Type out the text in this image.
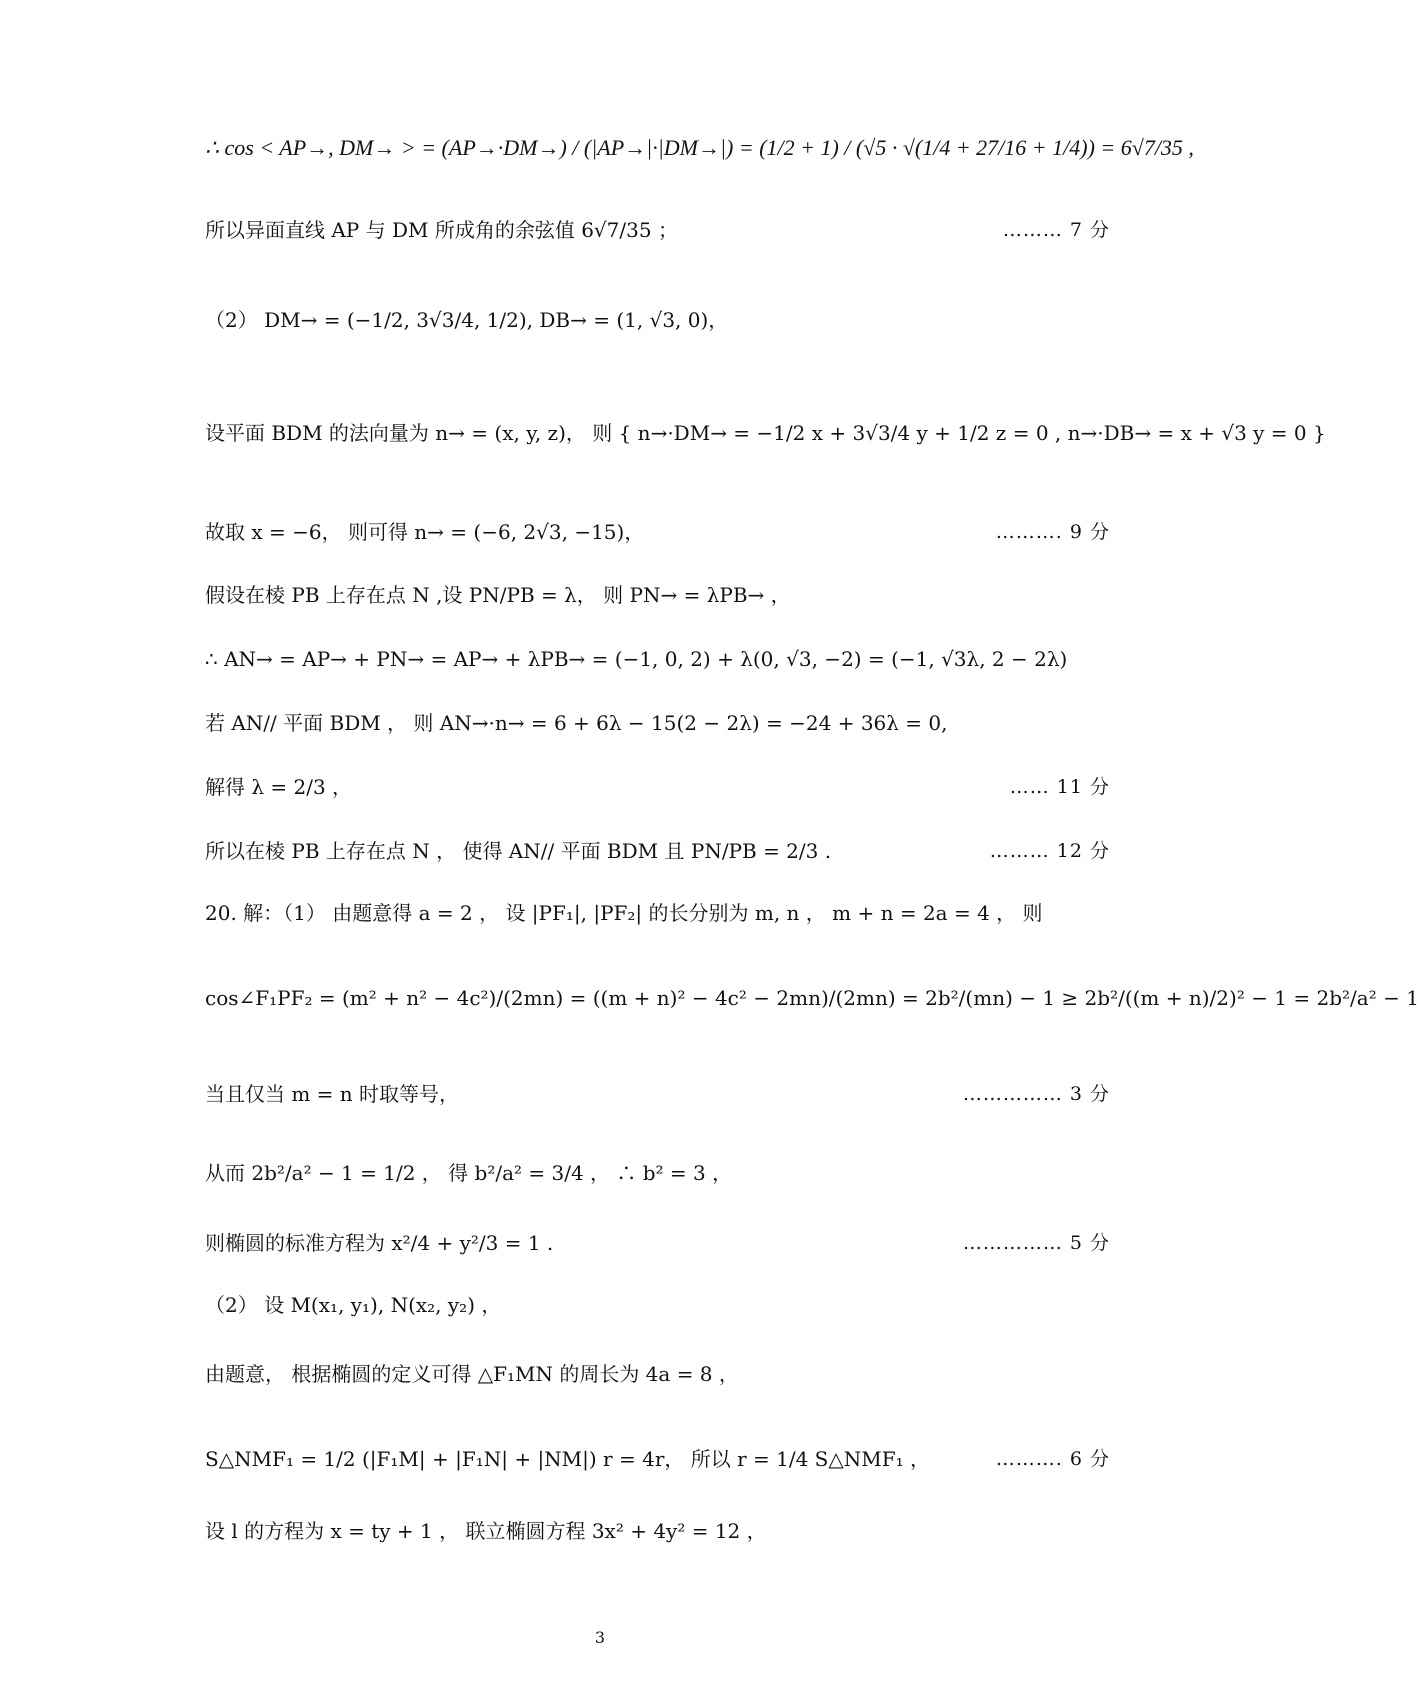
∴ cos < AP→, DM→ > = (AP→·DM→) / (|AP→|·|DM→|) = (1/2 + 1) / (√5 · √(1/4 + 27/16 + 1/4)) = 6√7/35 ,
所以异面直线 AP 与 DM 所成角的余弦值 6√7/35 ；	……… 7 分
（2） DM→ = (−1/2, 3√3/4, 1/2), DB→ = (1, √3, 0)，
设平面 BDM 的法向量为 n→ = (x, y, z)， 则 { n→·DM→ = −1/2 x + 3√3/4 y + 1/2 z = 0 , n→·DB→ = x + √3 y = 0 }
故取 x = −6， 则可得 n→ = (−6, 2√3, −15)，	………. 9 分
假设在棱 PB 上存在点 N ,设 PN/PB = λ， 则 PN→ = λPB→ ，
∴ AN→ = AP→ + PN→ = AP→ + λPB→ = (−1, 0, 2) + λ(0, √3, −2) = (−1, √3λ, 2 − 2λ)
若 AN// 平面 BDM ， 则 AN→·n→ = 6 + 6λ − 15(2 − 2λ) = −24 + 36λ = 0,
解得 λ = 2/3 ，	…… 11 分
所以在棱 PB 上存在点 N ， 使得 AN// 平面 BDM 且 PN/PB = 2/3 .	……… 12 分
20. 解：（1） 由题意得 a = 2 ， 设 |PF₁|, |PF₂| 的长分别为 m, n ， m + n = 2a = 4 ， 则
cos∠F₁PF₂ = (m² + n² − 4c²)/(2mn) = ((m + n)² − 4c² − 2mn)/(2mn) = 2b²/(mn) − 1 ≥ 2b²/((m + n)/2)² − 1 = 2b²/a² − 1
当且仅当 m = n 时取等号，	…………… 3 分
从而 2b²/a² − 1 = 1/2 ， 得 b²/a² = 3/4 ， ∴ b² = 3 ，
则椭圆的标准方程为 x²/4 + y²/3 = 1 .	…………… 5 分
（2） 设 M(x₁, y₁), N(x₂, y₂) ，
由题意， 根据椭圆的定义可得 △F₁MN 的周长为 4a = 8 ，
S△NMF₁ = 1/2 (|F₁M| + |F₁N| + |NM|) r = 4r， 所以 r = 1/4 S△NMF₁ ，	………. 6 分
设 l 的方程为 x = ty + 1 ， 联立椭圆方程 3x² + 4y² = 12 ，
3
